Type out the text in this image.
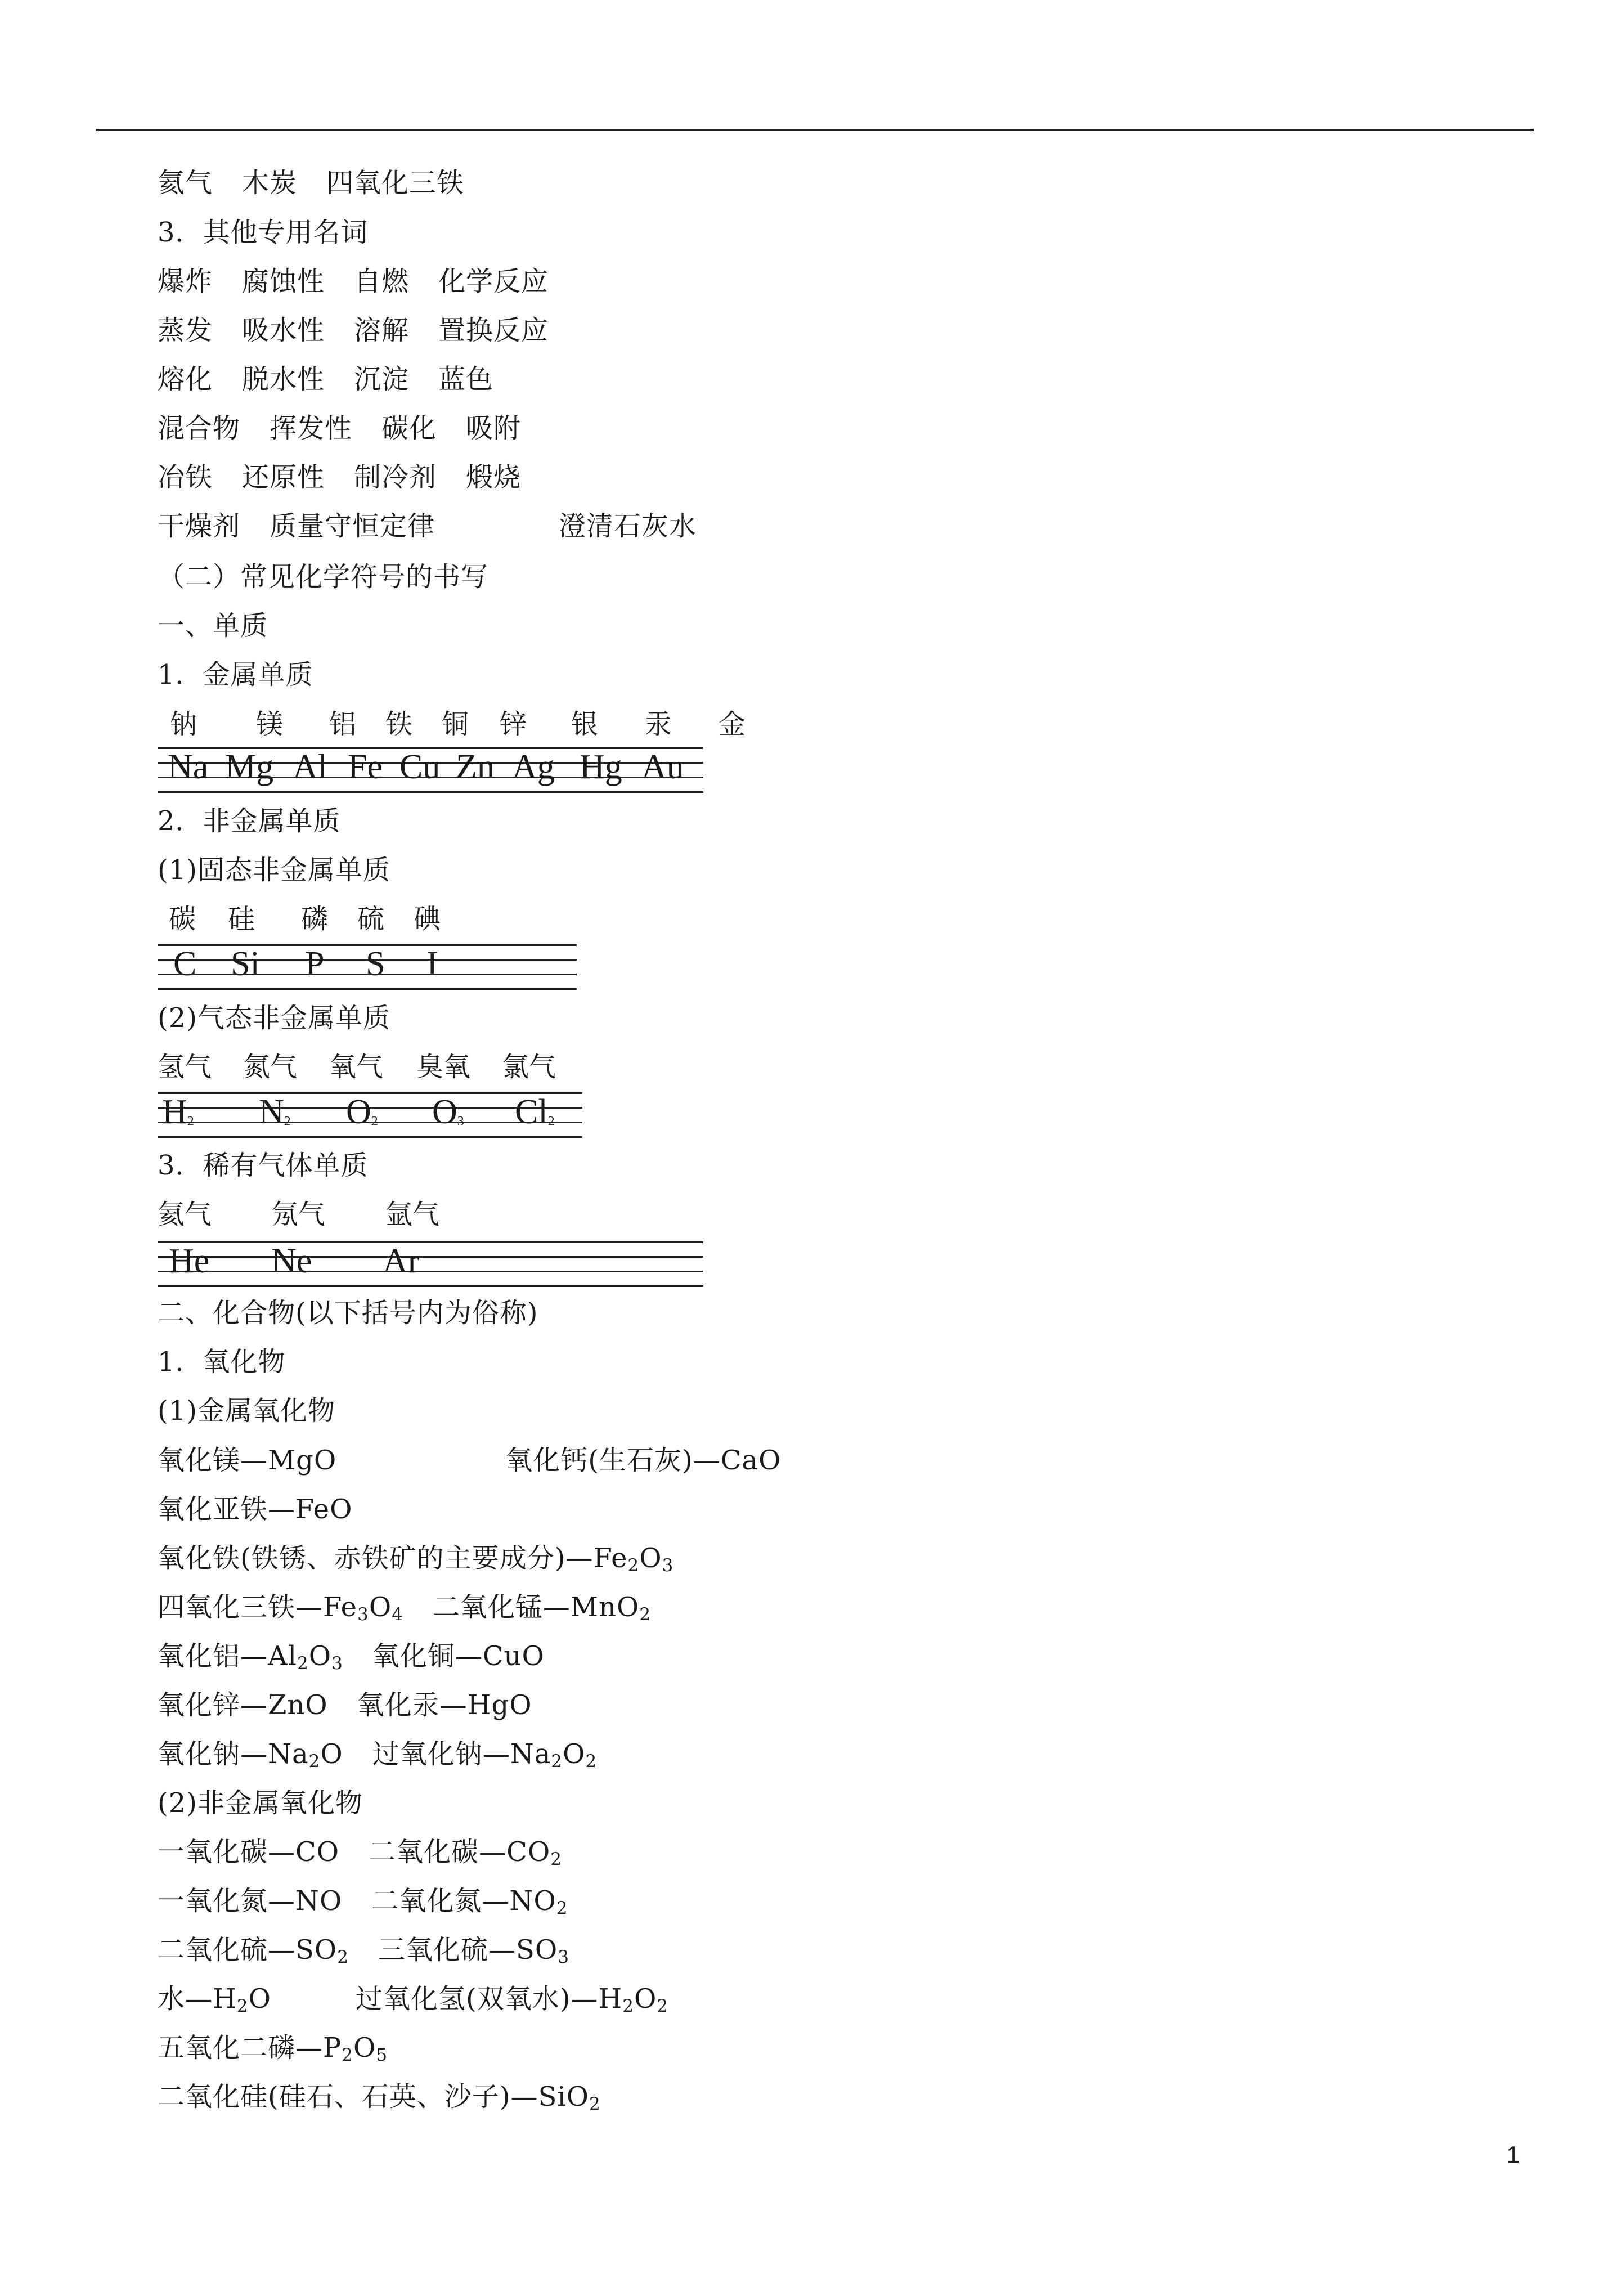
氦气 木炭 四氧化三铁
3．其他专用名词
爆炸 腐蚀性 自燃 化学反应
蒸发 吸水性 溶解 置换反应
熔化 脱水性 沉淀 蓝色
混合物 挥发性 碳化 吸附
冶铁 还原性 制冷剂 煅烧
干燥剂 质量守恒定律	澄清石灰水
（二）常见化学符号的书写
一、单质
1．金属单质
钠 镁 铝 铁 铜 锌 银 汞 金
Na Mg Al Fe Cu Zn Ag Hg Au
2．非金属单质
(1)固态非金属单质
碳 硅 磷 硫 碘
C Si P S I
(2)气态非金属单质
氢气 氮气 氧气 臭氧 氯气
$H_2$ $N_2$ $O_2$ $O_3$ $Cl_2$
3．稀有气体单质
氦气 氖气 氩气
He Ne Ar
二、化合物(以下括号内为俗称)
1．氧化物
(1)金属氧化物
氧化镁—MgO	氧化钙(生石灰)—CaO
氧化亚铁—FeO
氧化铁(铁锈、赤铁矿的主要成分)$—Fe_2O_3$
四氧化三铁$—Fe_3O_4$ 二氧化锰—MnO$_2$
氧化铝$—Al_2O_3$ 氧化铜—CuO
氧化锌—ZnO 氧化汞—HgO
氧化钠$—Na_2O$ 过氧化钠$—Na_2O_2$
(2)非金属氧化物
一氧化碳—CO 二氧化碳$—CO_2$
一氧化氮—NO 二氧化氮$—NO_2$
二氧化硫$—SO_2$ 三氧化硫$—SO_3$
水$—H_2O$	过氧化氢(双氧水)$—H_2O_2$
五氧化二磷$—P_2O_5$
二氧化硅(硅石、石英、沙子)—SiO$_2$
1
